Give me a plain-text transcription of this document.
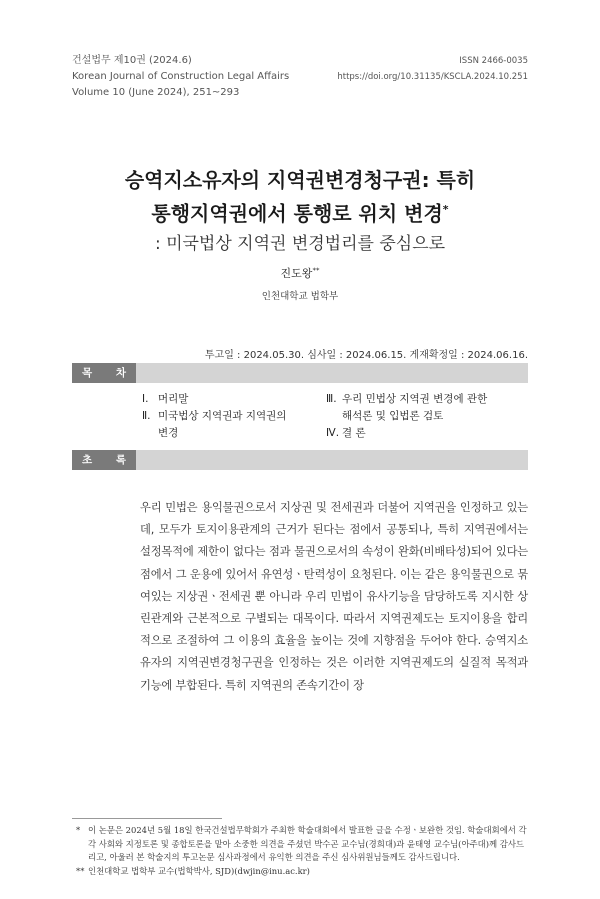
건설법무 제10권 (2024.6)
Korean Journal of Construction Legal Affairs
Volume 10 (June 2024), 251~293
ISSN 2466-0035
https://doi.org/10.31135/KSCLA.2024.10.251
승역지소유자의 지역권변경청구권: 특히
통행지역권에서 통행로 위치 변경*
: 미국법상 지역권 변경법리를 중심으로
진도왕**
인천대학교 법학부
투고일 : 2024.05.30. 심사일 : 2024.06.15. 게재확정일 : 2024.06.16.
목 차
Ⅰ. 머리말
Ⅱ. 미국법상 지역권과 지역권의
변경
Ⅲ. 우리 민법상 지역권 변경에 관한
해석론 및 입법론 검토
Ⅳ. 결 론
초 록
우리 민법은 용익물권으로서 지상권 및 전세권과 더불어 지역권을 인정하고 있는데, 모두가 토지이용관계의 근거가 된다는 점에서 공통되나, 특히 지역권에서는 설정목적에 제한이 없다는 점과 물권으로서의 속성이 완화(비배타성)되어 있다는 점에서 그 운용에 있어서 유연성ㆍ탄력성이 요청된다. 이는 같은 용익물권으로 묶여있는 지상권ㆍ전세권 뿐 아니라 우리 민법이 유사기능을 담당하도록 지시한 상린관계와 근본적으로 구별되는 대목이다. 따라서 지역권제도는 토지이용을 합리적으로 조절하여 그 이용의 효율을 높이는 것에 지향점을 두어야 한다. 승역지소유자의 지역권변경청구권을 인정하는 것은 이러한 지역권제도의 실질적 목적과 기능에 부합된다. 특히 지역권의 존속기간이 장
* 이 논문은 2024년 5월 18일 한국건설법무학회가 주최한 학술대회에서 발표한 글을 수정ㆍ보완한 것임. 학술대회에서 각각 사회와 지정토론 및 종합토론을 맡아 소중한 의견을 주셨던 박수곤 교수님(경희대)과 윤태영 교수님(아주대)께 감사드리고, 아울러 본 학술지의 투고논문 심사과정에서 유익한 의견을 주신 심사위원님들께도 감사드립니다.
** 인천대학교 법학부 교수(법학박사, SJD)(dwjin@inu.ac.kr)
